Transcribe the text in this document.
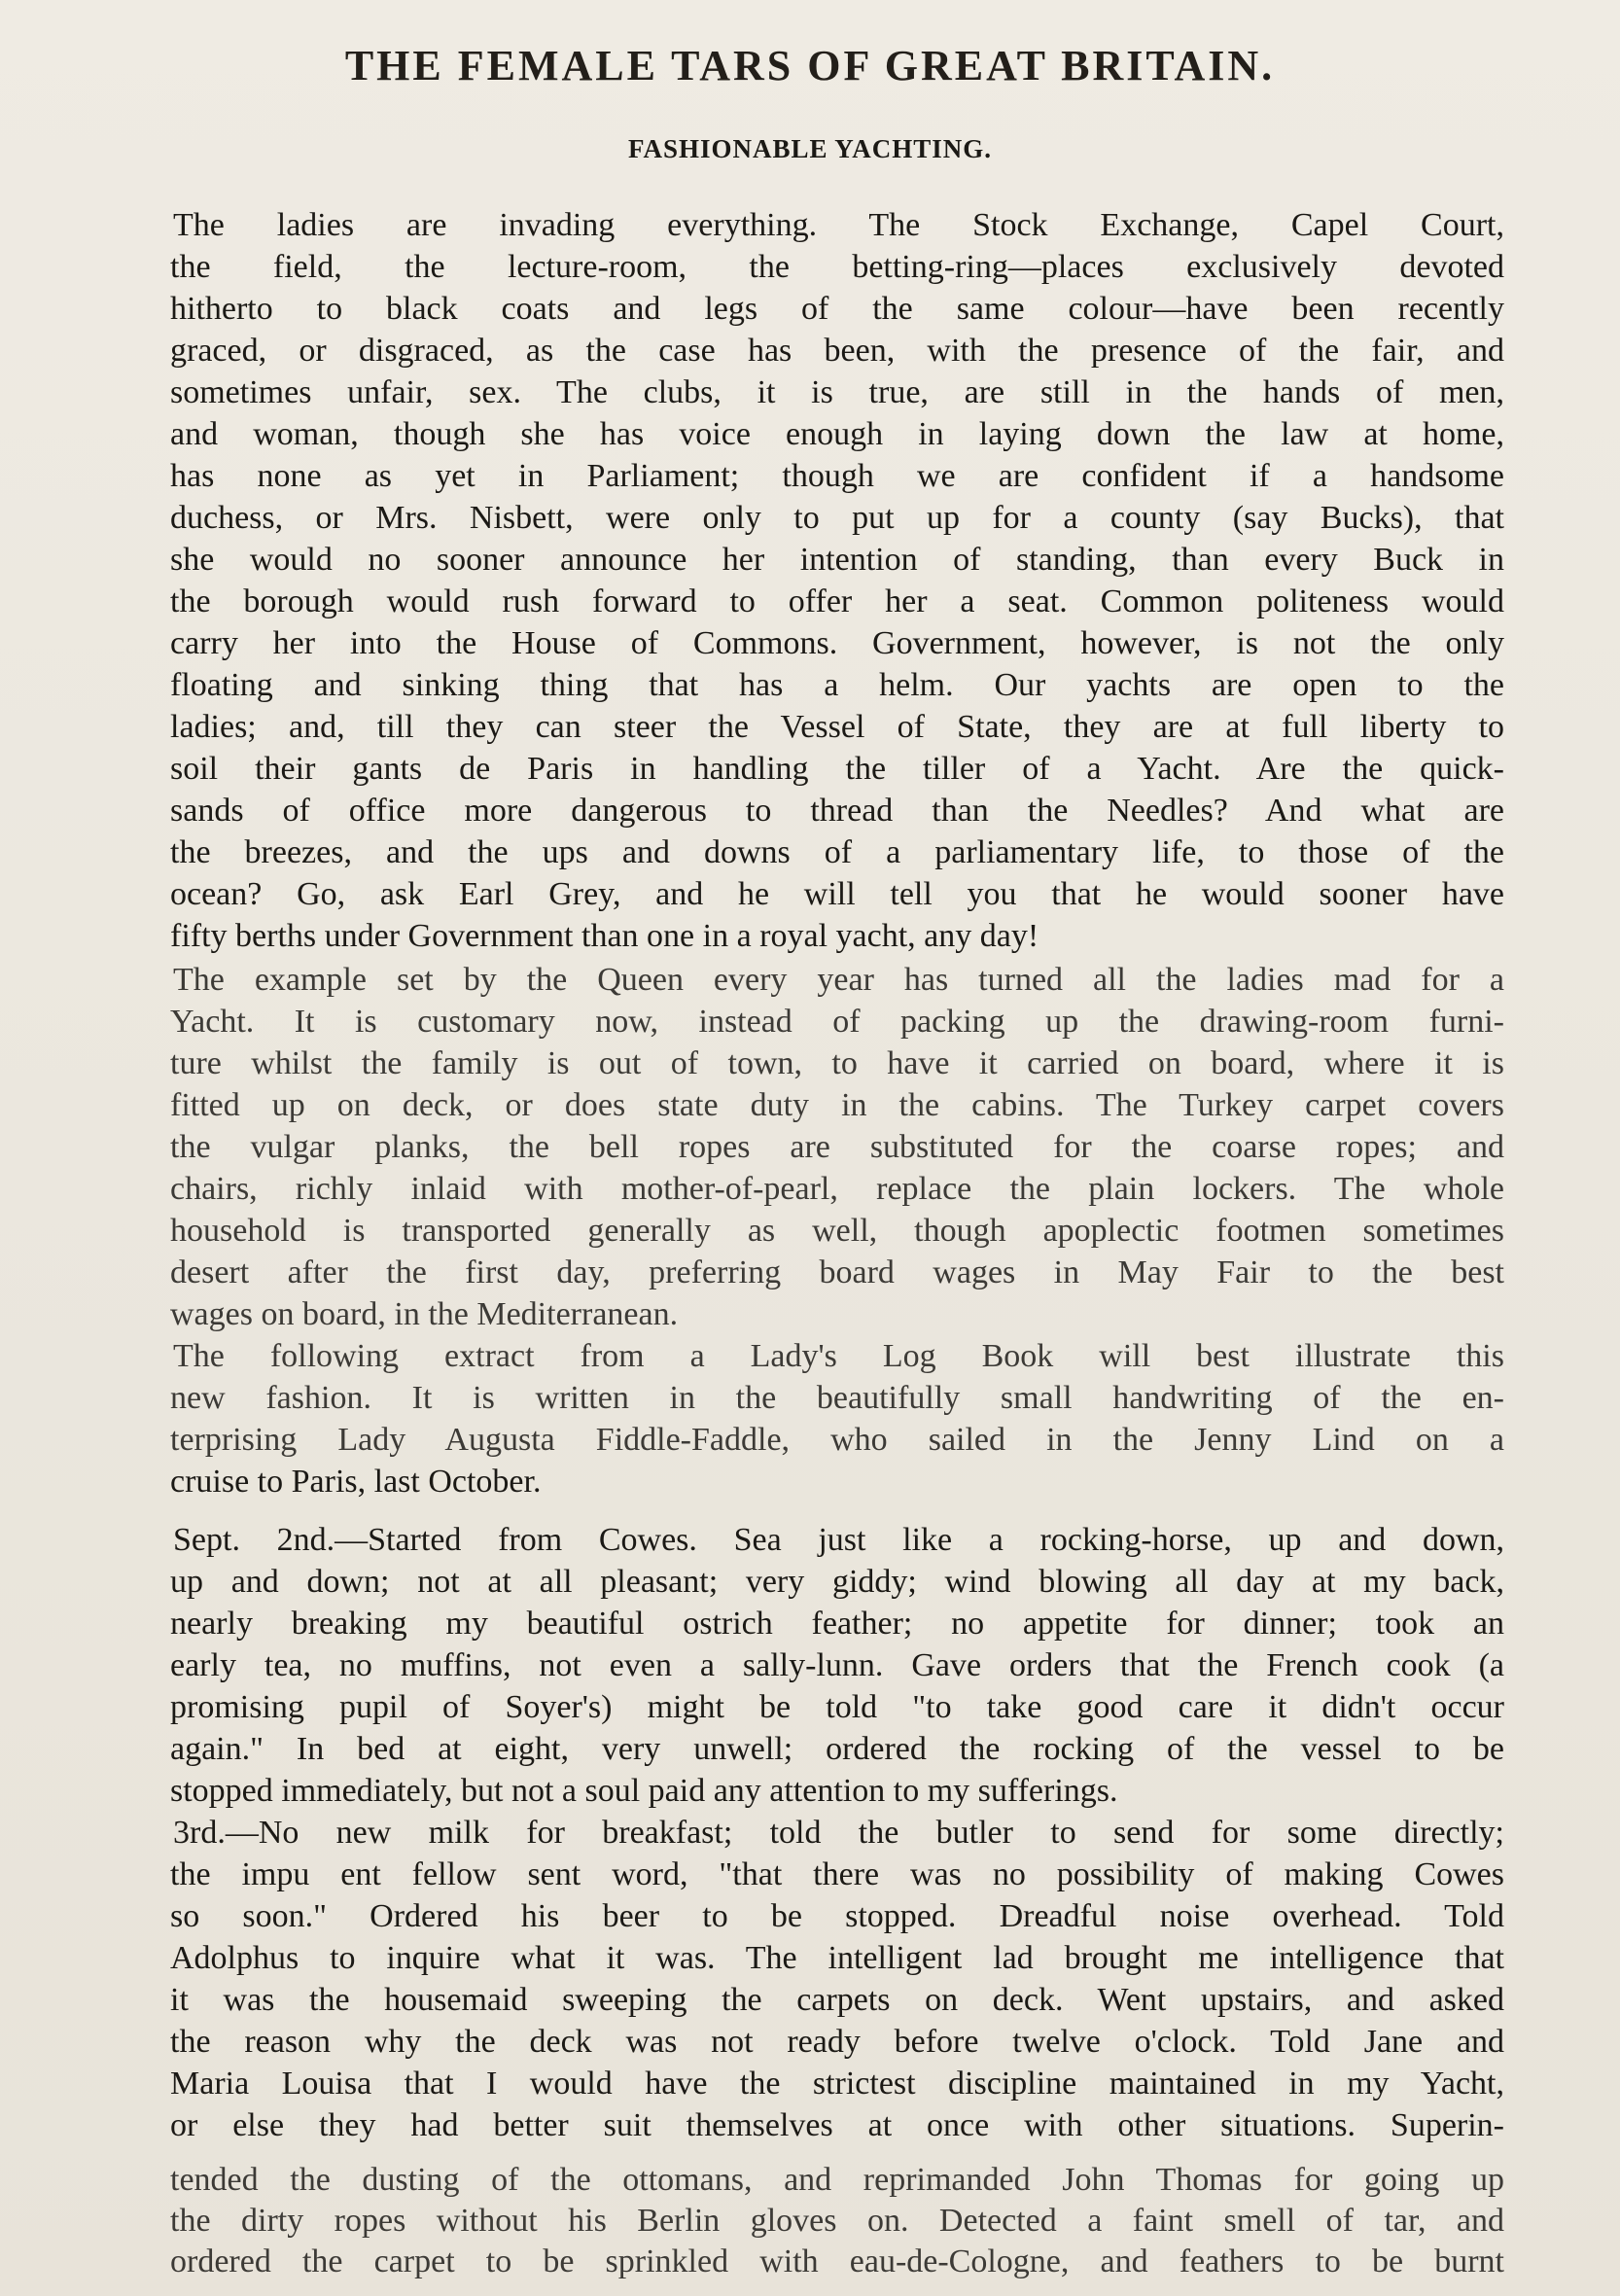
THE FEMALE TARS OF GREAT BRITAIN.
FASHIONABLE YACHTING.

The ladies are invading everything. The Stock Exchange, Capel Court,

the field, the lecture-room, the betting-ring—places exclusively devoted

hitherto to black coats and legs of the same colour—have been recently

graced, or disgraced, as the case has been, with the presence of the fair, and

sometimes unfair, sex. The clubs, it is true, are still in the hands of men,

and woman, though she has voice enough in laying down the law at home,

has none as yet in Parliament; though we are confident if a handsome

duchess, or Mrs. Nisbett, were only to put up for a county (say Bucks), that

she would no sooner announce her intention of standing, than every Buck in

the borough would rush forward to offer her a seat. Common politeness would

carry her into the House of Commons. Government, however, is not the only

floating and sinking thing that has a helm. Our yachts are open to the

ladies; and, till they can steer the Vessel of State, they are at full liberty to

soil their gants de Paris in handling the tiller of a Yacht. Are the quick-

sands of office more dangerous to thread than the Needles? And what are

the breezes, and the ups and downs of a parliamentary life, to those of the

ocean? Go, ask Earl Grey, and he will tell you that he would sooner have

fifty berths under Government than one in a royal yacht, any day!

The example set by the Queen every year has turned all the ladies mad for a

Yacht. It is customary now, instead of packing up the drawing-room furni-

ture whilst the family is out of town, to have it carried on board, where it is

fitted up on deck, or does state duty in the cabins. The Turkey carpet covers

the vulgar planks, the bell ropes are substituted for the coarse ropes; and

chairs, richly inlaid with mother-of-pearl, replace the plain lockers. The whole

household is transported generally as well, though apoplectic footmen sometimes

desert after the first day, preferring board wages in May Fair to the best

wages on board, in the Mediterranean.

The following extract from a Lady's Log Book will best illustrate this

new fashion. It is written in the beautifully small handwriting of the en-

terprising Lady Augusta Fiddle-Faddle, who sailed in the Jenny Lind on a

cruise to Paris, last October.

Sept. 2nd.—Started from Cowes. Sea just like a rocking-horse, up and down,

up and down; not at all pleasant; very giddy; wind blowing all day at my back,

nearly breaking my beautiful ostrich feather; no appetite for dinner; took an

early tea, no muffins, not even a sally-lunn. Gave orders that the French cook (a

promising pupil of Soyer's) might be told "to take good care it didn't occur

again." In bed at eight, very unwell; ordered the rocking of the vessel to be

stopped immediately, but not a soul paid any attention to my sufferings.

3rd.—No new milk for breakfast; told the butler to send for some directly;

the impu ent fellow sent word, "that there was no possibility of making Cowes

so soon." Ordered his beer to be stopped. Dreadful noise overhead. Told

Adolphus to inquire what it was. The intelligent lad brought me intelligence that

it was the housemaid sweeping the carpets on deck. Went upstairs, and asked

the reason why the deck was not ready before twelve o'clock. Told Jane and

Maria Louisa that I would have the strictest discipline maintained in my Yacht,

or else they had better suit themselves at once with other situations. Superin-

tended the dusting of the ottomans, and reprimanded John Thomas for going up

the dirty ropes without his Berlin gloves on. Detected a faint smell of tar, and

ordered the carpet to be sprinkled with eau-de-Cologne, and feathers to be burnt
